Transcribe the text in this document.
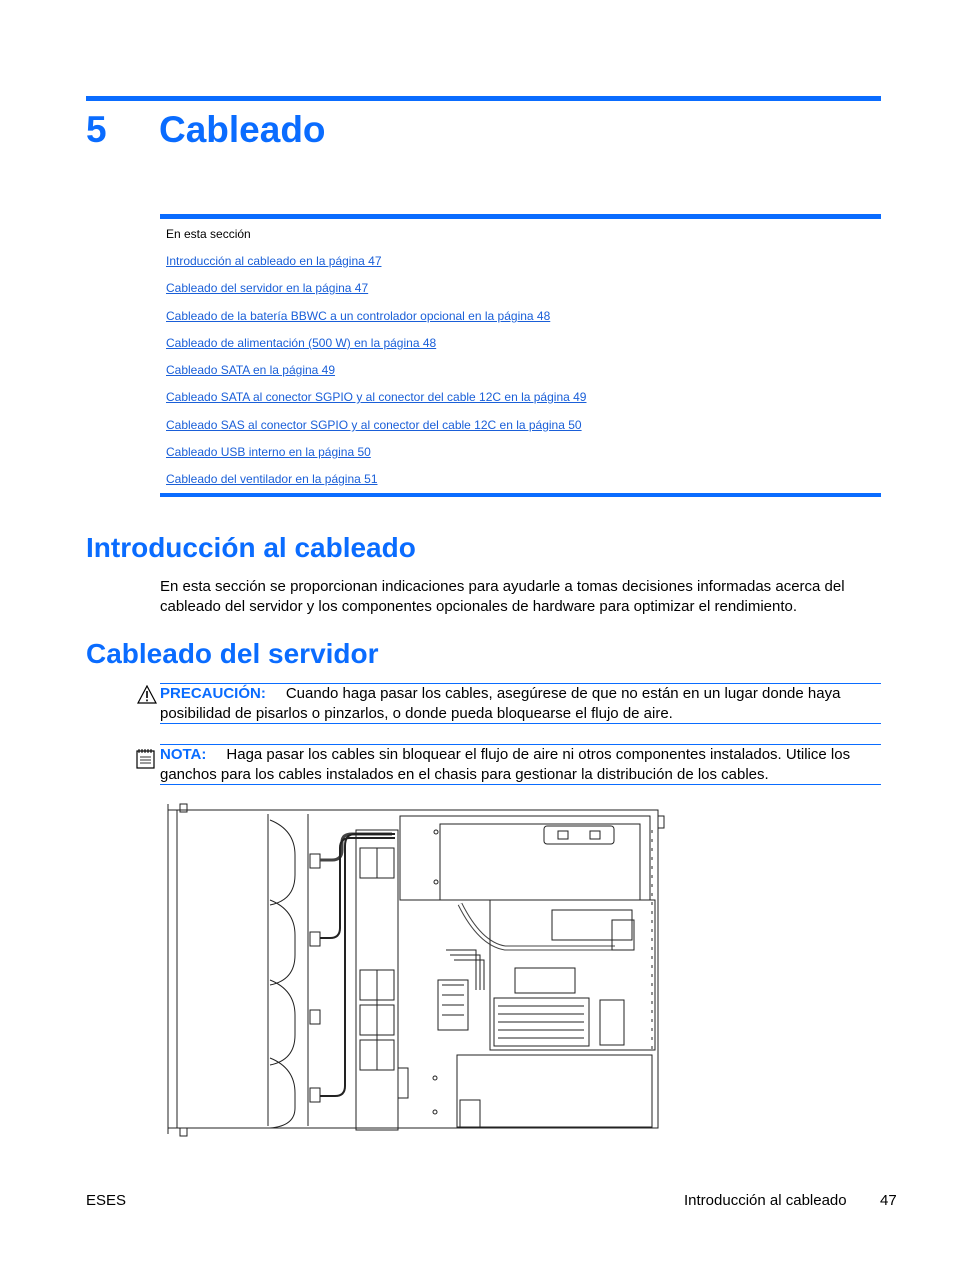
5 Cableado
En esta sección
Introducción al cableado en la página 47
Cableado del servidor en la página 47
Cableado de la batería BBWC a un controlador opcional en la página 48
Cableado de alimentación (500 W) en la página 48
Cableado SATA en la página 49
Cableado SATA al conector SGPIO y al conector del cable 12C en la página 49
Cableado SAS al conector SGPIO y al conector del cable 12C en la página 50
Cableado USB interno en la página 50
Cableado del ventilador en la página 51
Introducción al cableado
En esta sección se proporcionan indicaciones para ayudarle a tomas decisiones informadas acerca del cableado del servidor y los componentes opcionales de hardware para optimizar el rendimiento.
Cableado del servidor
PRECAUCIÓN: Cuando haga pasar los cables, asegúrese de que no están en un lugar donde haya posibilidad de pisarlos o pinzarlos, o donde pueda bloquearse el flujo de aire.
NOTA: Haga pasar los cables sin bloquear el flujo de aire ni otros componentes instalados. Utilice los ganchos para los cables instalados en el chasis para gestionar la distribución de los cables.
ESES	Introducción al cableado 47
